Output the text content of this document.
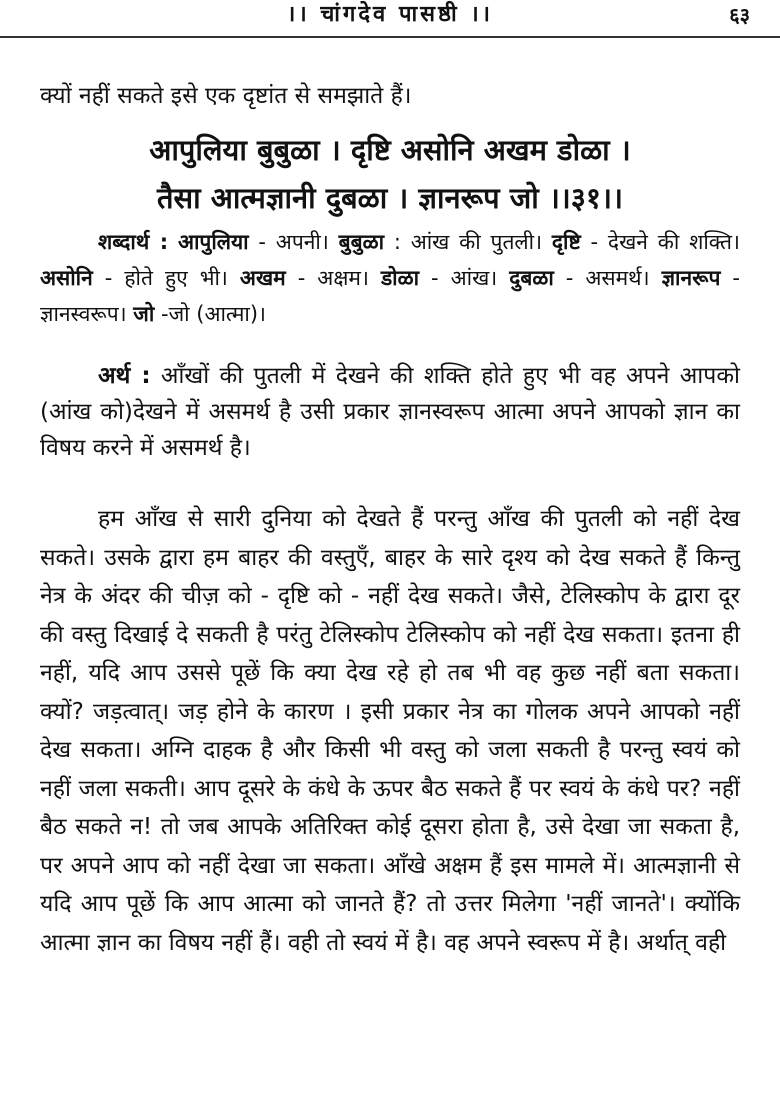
।। चांगदेव पासष्ठी ।।	६३
क्यों नहीं सकते इसे एक दृष्टांत से समझाते हैं।
आपुलिया बुबुळा । दृष्टि असोनि अखम डोळा ।
तैसा आत्मज्ञानी दुबळा । ज्ञानरूप जो ।।३१।।
शब्दार्थ : आपुलिया - अपनी। बुबुळा : आंख की पुतली। दृष्टि - देखने की शक्ति। असोनि - होते हुए भी। अखम - अक्षम। डोळा - आंख। दुबळा - असमर्थ। ज्ञानरूप - ज्ञानस्वरूप। जो -जो (आत्मा)।
अर्थ : आँखों की पुतली में देखने की शक्ति होते हुए भी वह अपने आपको (आंख को)देखने में असमर्थ है उसी प्रकार ज्ञानस्वरूप आत्मा अपने आपको ज्ञान का विषय करने में असमर्थ है।
हम आँख से सारी दुनिया को देखते हैं परन्तु आँख की पुतली को नहीं देख सकते। उसके द्वारा हम बाहर की वस्तुएँ, बाहर के सारे दृश्य को देख सकते हैं किन्तु नेत्र के अंदर की चीज़ को - दृष्टि को - नहीं देख सकते। जैसे, टेलिस्कोप के द्वारा दूर की वस्तु दिखाई दे सकती है परंतु टेलिस्कोप टेलिस्कोप को नहीं देख सकता। इतना ही नहीं, यदि आप उससे पूछें कि क्या देख रहे हो तब भी वह कुछ नहीं बता सकता। क्यों? जड़त्वात्। जड़ होने के कारण । इसी प्रकार नेत्र का गोलक अपने आपको नहीं देख सकता। अग्नि दाहक है और किसी भी वस्तु को जला सकती है परन्तु स्वयं को नहीं जला सकती। आप दूसरे के कंधे के ऊपर बैठ सकते हैं पर स्वयं के कंधे पर? नहीं बैठ सकते न! तो जब आपके अतिरिक्त कोई दूसरा होता है, उसे देखा जा सकता है, पर अपने आप को नहीं देखा जा सकता। आँखे अक्षम हैं इस मामले में। आत्मज्ञानी से यदि आप पूछें कि आप आत्मा को जानते हैं? तो उत्तर मिलेगा 'नहीं जानते'। क्योंकि आत्मा ज्ञान का विषय नहीं हैं। वही तो स्वयं में है। वह अपने स्वरूप में है। अर्थात् वही
